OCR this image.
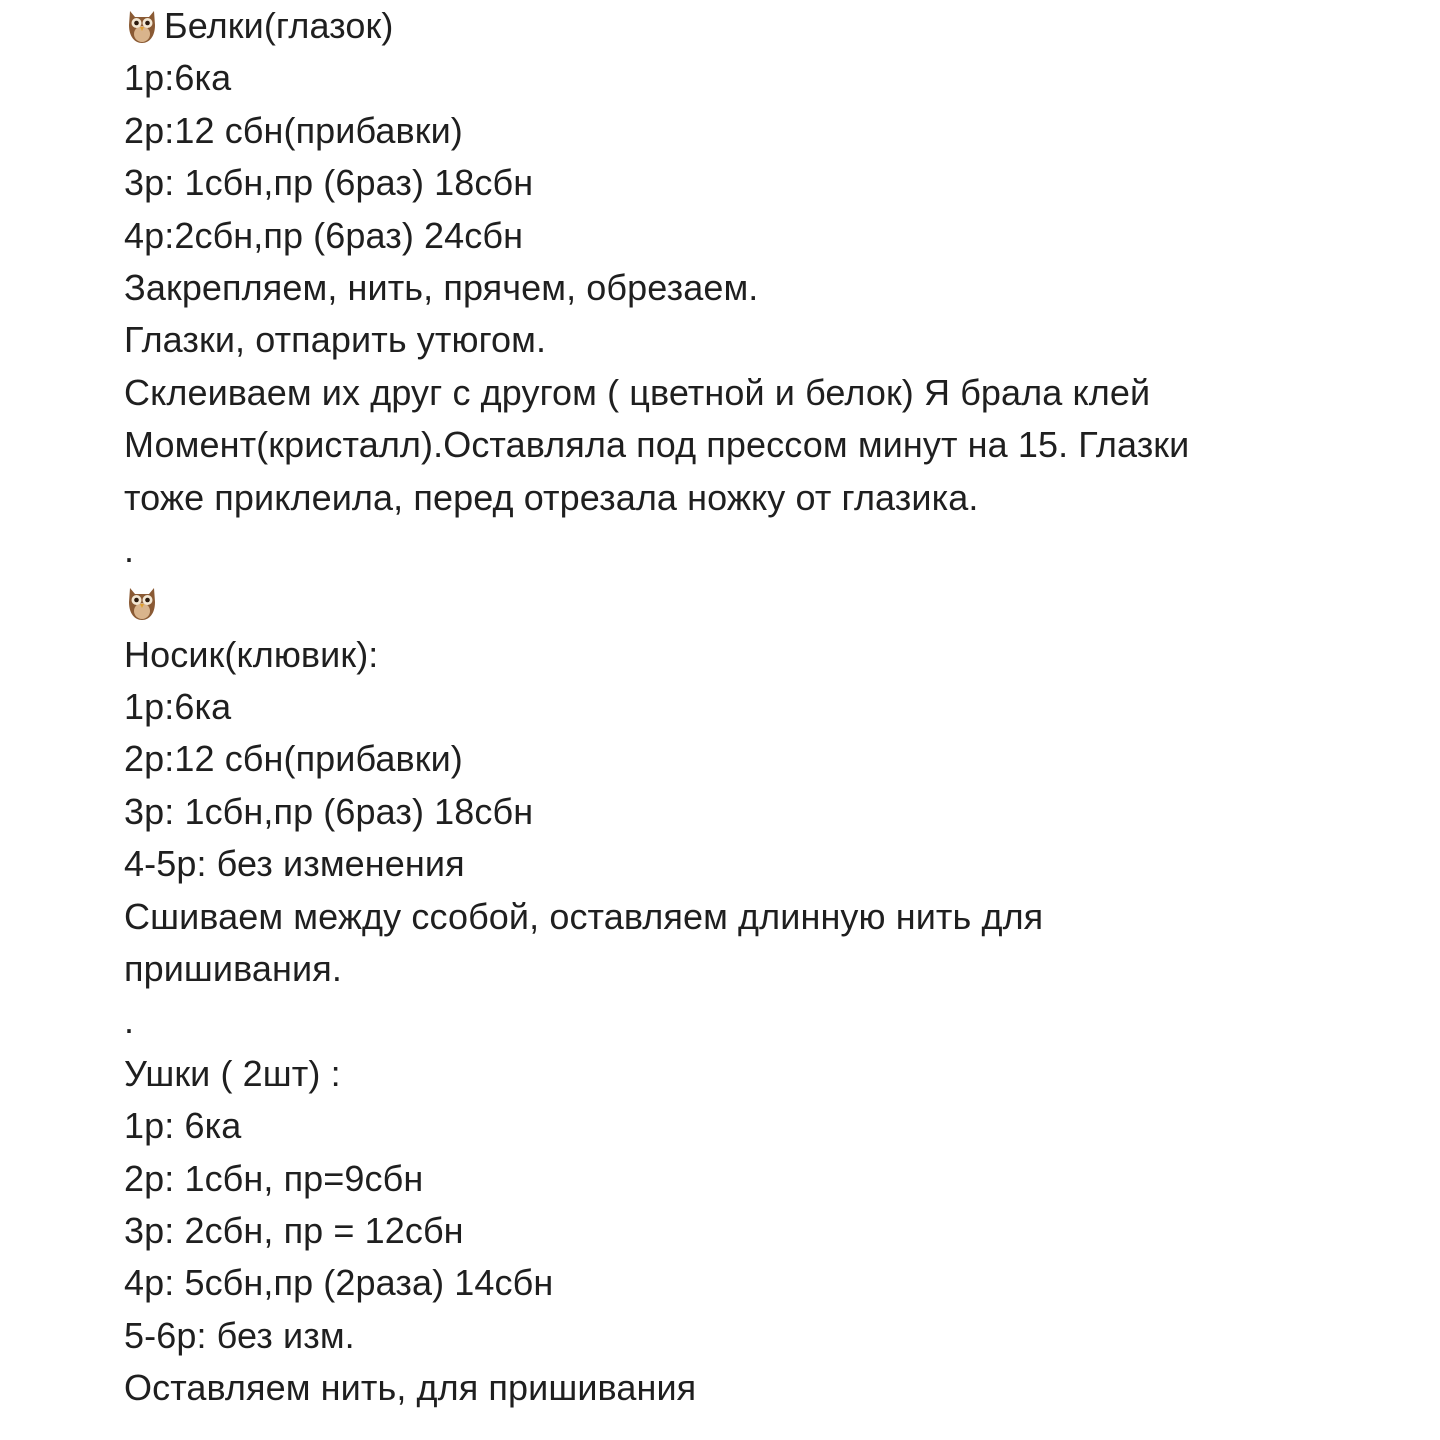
Белки(глазок)
1р:6ка
2р:12 сбн(прибавки)
3р: 1сбн,пр (6раз) 18сбн
4р:2сбн,пр (6раз) 24сбн
Закрепляем, нить, прячем, обрезаем.
Глазки, отпарить утюгом.
Склеиваем их друг с другом ( цветной и белок) Я брала клей
Момент(кристалл).Оставляла под прессом минут на 15. Глазки
тоже приклеила, перед отрезала ножку от глазика.
.
Носик(клювик):
1р:6ка
2р:12 сбн(прибавки)
3р: 1сбн,пр (6раз) 18сбн
4-5р: без изменения
Сшиваем между ссобой, оставляем длинную нить для
пришивания.
.
Ушки ( 2шт) :
1р: 6ка
2р: 1сбн, пр=9сбн
3р: 2сбн, пр = 12сбн
4р: 5сбн,пр (2раза) 14сбн
5-6р: без изм.
Оставляем нить, для пришивания
